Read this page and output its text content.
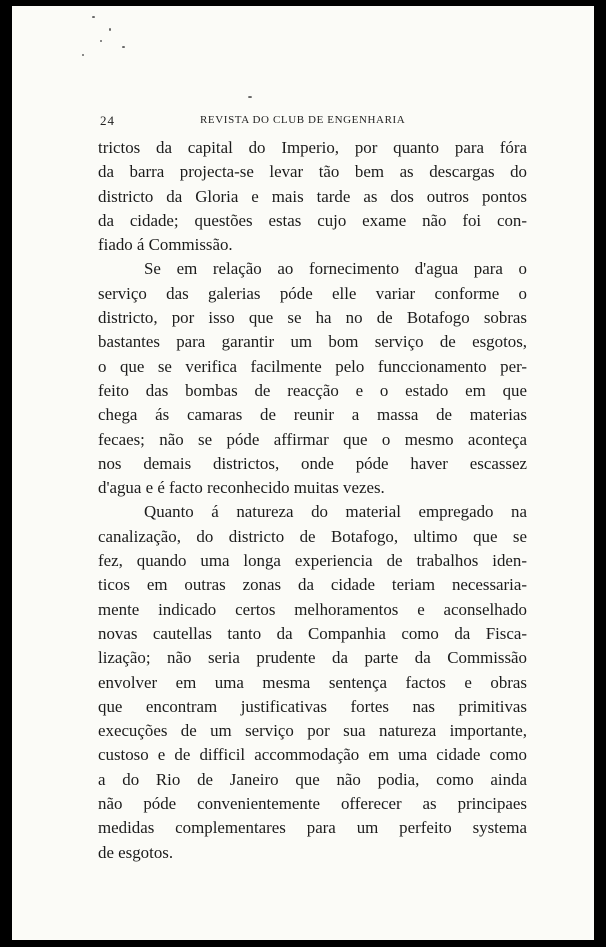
24	REVISTA DO CLUB DE ENGENHARIA
trictos da capital do Imperio, por quanto para fóra
da barra projecta-se levar tão bem as descargas do
districto da Gloria e mais tarde as dos outros pontos
da cidade; questões estas cujo exame não foi con-
fiado á Commissão.
Se em relação ao fornecimento d'agua para o
serviço das galerias póde elle variar conforme o
districto, por isso que se ha no de Botafogo sobras
bastantes para garantir um bom serviço de esgotos,
o que se verifica facilmente pelo funccionamento per-
feito das bombas de reacção e o estado em que
chega ás camaras de reunir a massa de materias
fecaes; não se póde affirmar que o mesmo aconteça
nos demais districtos, onde póde haver escassez
d'agua e é facto reconhecido muitas vezes.
Quanto á natureza do material empregado na
canalização, do districto de Botafogo, ultimo que se
fez, quando uma longa experiencia de trabalhos iden-
ticos em outras zonas da cidade teriam necessaria-
mente indicado certos melhoramentos e aconselhado
novas cautellas tanto da Companhia como da Fisca-
lização; não seria prudente da parte da Commissão
envolver em uma mesma sentença factos e obras
que encontram justificativas fortes nas primitivas
execuções de um serviço por sua natureza importante,
custoso e de difficil accommodação em uma cidade como
a do Rio de Janeiro que não podia, como ainda
não póde convenientemente offerecer as principaes
medidas complementares para um perfeito systema
de esgotos.
